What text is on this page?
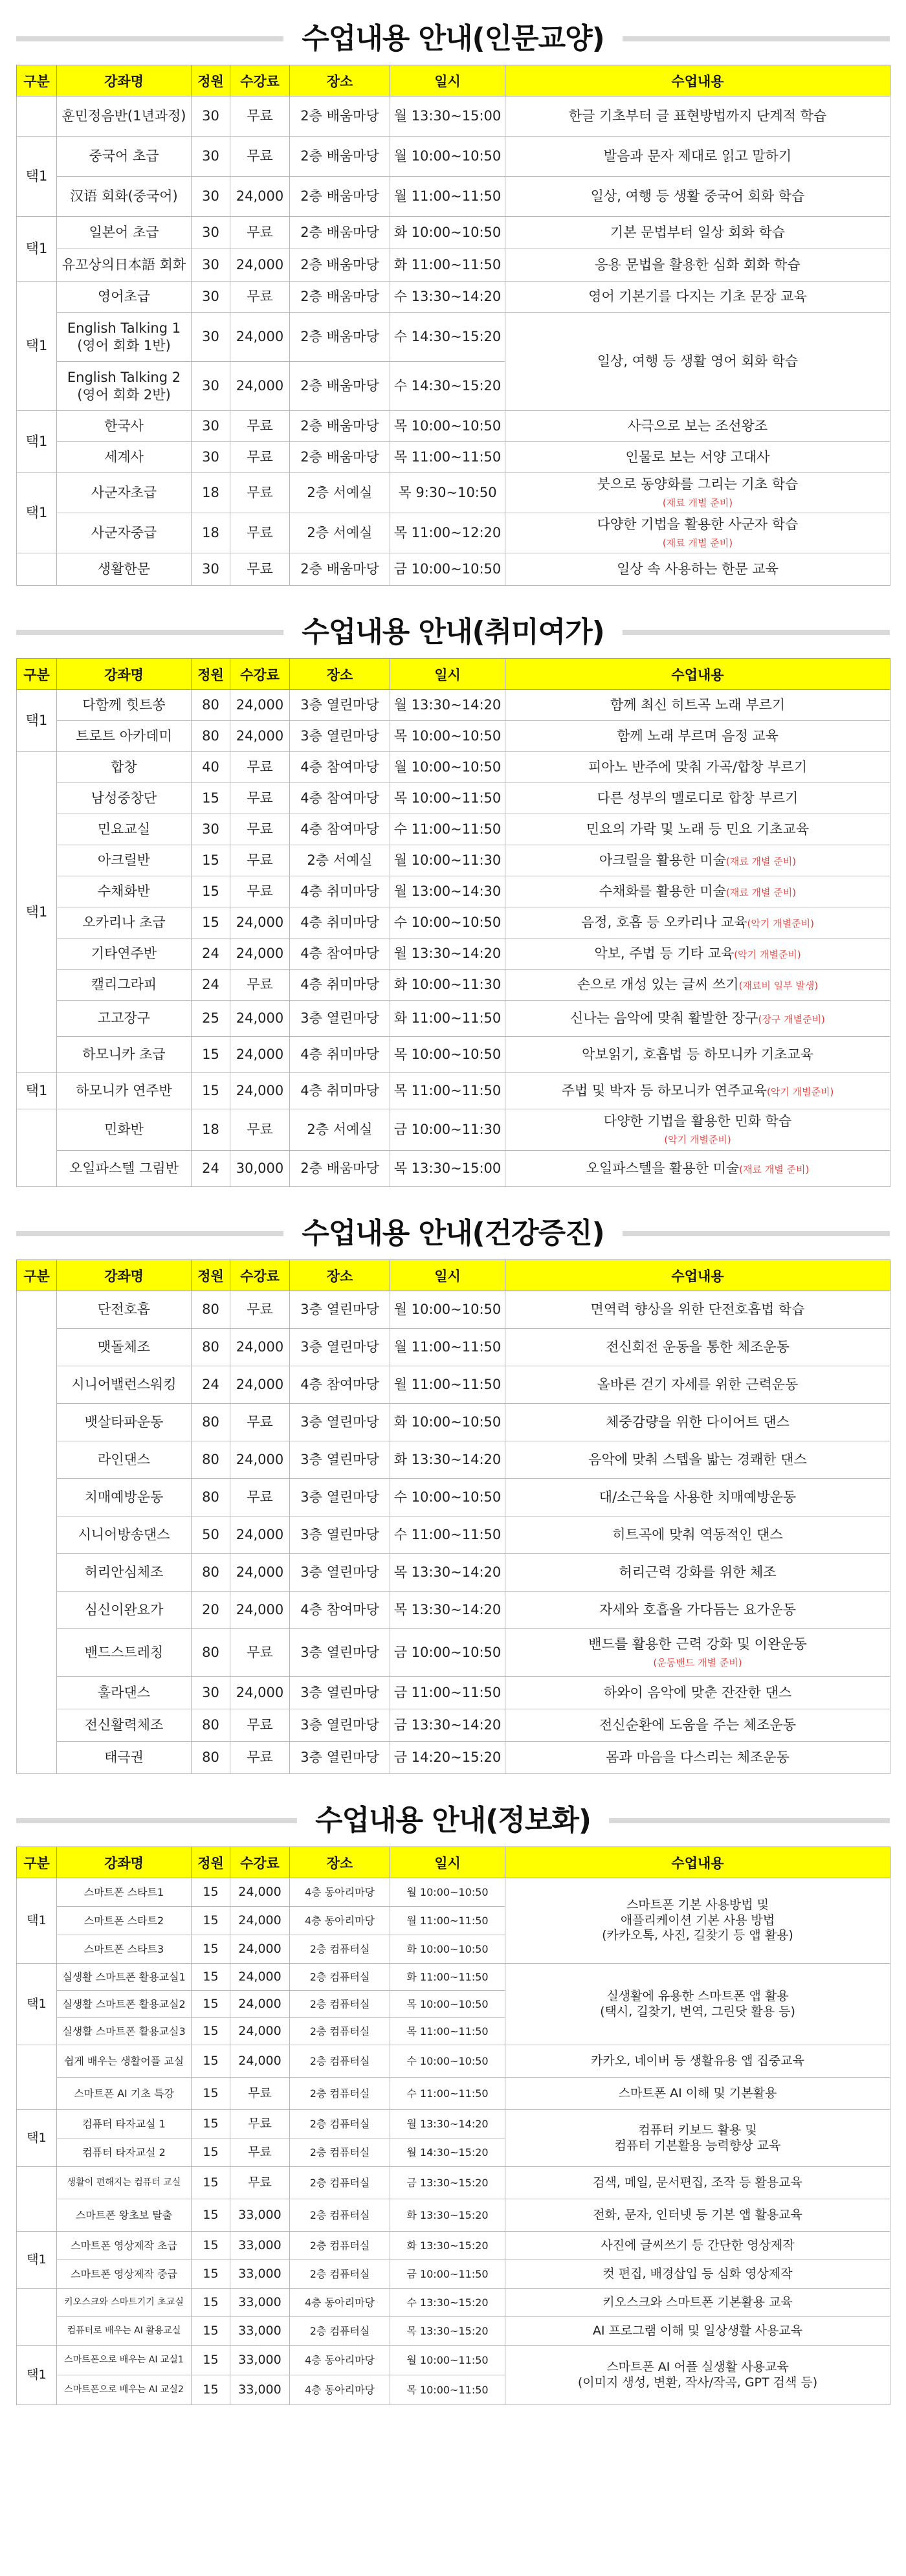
수업내용 안내(인문교양)
구분	강좌명	정원	수강료	장소	일시	수업내용
	훈민정음반(1년과정)	30	무료	2층 배움마당	월 13:30~15:00	한글 기초부터 글 표현방법까지 단계적 학습
택1	중국어 초급	30	무료	2층 배움마당	월 10:00~10:50	발음과 문자 제대로 읽고 말하기
	汉语 회화(중국어)	30	24,000	2층 배움마당	월 11:00~11:50	일상, 여행 등 생활 중국어 회화 학습
택1	일본어 초급	30	무료	2층 배움마당	화 10:00~10:50	기본 문법부터 일상 회화 학습
	유꼬상의日本語 회화	30	24,000	2층 배움마당	화 11:00~11:50	응용 문법을 활용한 심화 회화 학습
택1	영어초급	30	무료	2층 배움마당	수 13:30~14:20	영어 기본기를 다지는 기초 문장 교육
	English Talking 1
(영어 회화 1반)	30	24,000	2층 배움마당	수 14:30~15:20	일상, 여행 등 생활 영어 회화 학습
	English Talking 2
(영어 회화 2반)	30	24,000	2층 배움마당	수 14:30~15:20	
택1	한국사	30	무료	2층 배움마당	목 10:00~10:50	사극으로 보는 조선왕조
	세계사	30	무료	2층 배움마당	목 11:00~11:50	인물로 보는 서양 고대사
택1	사군자초급	18	무료	2층 서예실	목 9:30~10:50	붓으로 동양화를 그리는 기초 학습
(재료 개별 준비)
	사군자중급	18	무료	2층 서예실	목 11:00~12:20	다양한 기법을 활용한 사군자 학습
(재료 개별 준비)
	생활한문	30	무료	2층 배움마당	금 10:00~10:50	일상 속 사용하는 한문 교육
수업내용 안내(취미여가)
구분	강좌명	정원	수강료	장소	일시	수업내용
택1	다함께 힛트쏭	80	24,000	3층 열린마당	월 13:30~14:20	함께 최신 히트곡 노래 부르기
	트로트 아카데미	80	24,000	3층 열린마당	목 10:00~10:50	함께 노래 부르며 음정 교육
택1	합창	40	무료	4층 참여마당	월 10:00~10:50	피아노 반주에 맞춰 가곡/합창 부르기
	남성중창단	15	무료	4층 참여마당	목 10:00~11:50	다른 성부의 멜로디로 합창 부르기
	민요교실	30	무료	4층 참여마당	수 11:00~11:50	민요의 가락 및 노래 등 민요 기초교육
	아크릴반	15	무료	2층 서예실	월 10:00~11:30	아크릴을 활용한 미술(재료 개별 준비)
	수채화반	15	무료	4층 취미마당	월 13:00~14:30	수채화를 활용한 미술(재료 개별 준비)
	오카리나 초급	15	24,000	4층 취미마당	수 10:00~10:50	음정, 호흡 등 오카리나 교육(악기 개별준비)
	기타연주반	24	24,000	4층 참여마당	월 13:30~14:20	악보, 주법 등 기타 교육(악기 개별준비)
	캘리그라피	24	무료	4층 취미마당	화 10:00~11:30	손으로 개성 있는 글씨 쓰기(재료비 일부 발생)
	고고장구	25	24,000	3층 열린마당	화 11:00~11:50	신나는 음악에 맞춰 활발한 장구(장구 개별준비)
	하모니카 초급	15	24,000	4층 취미마당	목 10:00~10:50	악보읽기, 호흡법 등 하모니카 기초교육
택1	하모니카 연주반	15	24,000	4층 취미마당	목 11:00~11:50	주법 및 박자 등 하모니카 연주교육(악기 개별준비)
	민화반	18	무료	2층 서예실	금 10:00~11:30	다양한 기법을 활용한 민화 학습
(악기 개별준비)
	오일파스텔 그림반	24	30,000	2층 배움마당	목 13:30~15:00	오일파스텔을 활용한 미술(재료 개별 준비)
수업내용 안내(건강증진)
구분	강좌명	정원	수강료	장소	일시	수업내용
	단전호흡	80	무료	3층 열린마당	월 10:00~10:50	면역력 향상을 위한 단전호흡법 학습
	맷돌체조	80	24,000	3층 열린마당	월 11:00~11:50	전신회전 운동을 통한 체조운동
	시니어밸런스워킹	24	24,000	4층 참여마당	월 11:00~11:50	올바른 걷기 자세를 위한 근력운동
	뱃살타파운동	80	무료	3층 열린마당	화 10:00~10:50	체중감량을 위한 다이어트 댄스
	라인댄스	80	24,000	3층 열린마당	화 13:30~14:20	음악에 맞춰 스텝을 밟는 경쾌한 댄스
	치매예방운동	80	무료	3층 열린마당	수 10:00~10:50	대/소근육을 사용한 치매예방운동
	시니어방송댄스	50	24,000	3층 열린마당	수 11:00~11:50	히트곡에 맞춰 역동적인 댄스
	허리안심체조	80	24,000	3층 열린마당	목 13:30~14:20	허리근력 강화를 위한 체조
	심신이완요가	20	24,000	4층 참여마당	목 13:30~14:20	자세와 호흡을 가다듬는 요가운동
	밴드스트레칭	80	무료	3층 열린마당	금 10:00~10:50	밴드를 활용한 근력 강화 및 이완운동
(운동밴드 개별 준비)
	훌라댄스	30	24,000	3층 열린마당	금 11:00~11:50	하와이 음악에 맞춘 잔잔한 댄스
	전신활력체조	80	무료	3층 열린마당	금 13:30~14:20	전신순환에 도움을 주는 체조운동
	태극권	80	무료	3층 열린마당	금 14:20~15:20	몸과 마음을 다스리는 체조운동
수업내용 안내(정보화)
구분	강좌명	정원	수강료	장소	일시	수업내용
택1	스마트폰 스타트1	15	24,000	4층 동아리마당	월 10:00~10:50	스마트폰 기본 사용방법 및
애플리케이션 기본 사용 방법
(카카오톡, 사진, 길찾기 등 앱 활용)
	스마트폰 스타트2	15	24,000	4층 동아리마당	월 11:00~11:50	
	스마트폰 스타트3	15	24,000	2층 컴퓨터실	화 10:00~10:50	
택1	실생활 스마트폰 활용교실1	15	24,000	2층 컴퓨터실	화 11:00~11:50	실생활에 유용한 스마트폰 앱 활용
(택시, 길찾기, 번역, 그린닷 활용 등)
	실생활 스마트폰 활용교실2	15	24,000	2층 컴퓨터실	목 10:00~10:50	
	실생활 스마트폰 활용교실3	15	24,000	2층 컴퓨터실	목 11:00~11:50	
	쉽게 배우는 생활어플 교실	15	24,000	2층 컴퓨터실	수 10:00~10:50	카카오, 네이버 등 생활유용 앱 집중교육
	스마트폰 AI 기초 특강	15	무료	2층 컴퓨터실	수 11:00~11:50	스마트폰 AI 이해 및 기본활용
택1	컴퓨터 타자교실 1	15	무료	2층 컴퓨터실	월 13:30~14:20	컴퓨터 키보드 활용 및
컴퓨터 기본활용 능력향상 교육
	컴퓨터 타자교실 2	15	무료	2층 컴퓨터실	월 14:30~15:20	
	생활이 편해지는 컴퓨터 교실	15	무료	2층 컴퓨터실	금 13:30~15:20	검색, 메일, 문서편집, 조작 등 활용교육
	스마트폰 왕초보 탈출	15	33,000	2층 컴퓨터실	화 13:30~15:20	전화, 문자, 인터넷 등 기본 앱 활용교육
택1	스마트폰 영상제작 초급	15	33,000	2층 컴퓨터실	화 13:30~15:20	사진에 글씨쓰기 등 간단한 영상제작
	스마트폰 영상제작 중급	15	33,000	2층 컴퓨터실	금 10:00~11:50	컷 편집, 배경삽입 등 심화 영상제작
	키오스크와 스마트기기 초교실	15	33,000	4층 동아리마당	수 13:30~15:20	키오스크와 스마트폰 기본활용 교육
	컴퓨터로 배우는 AI 활용교실	15	33,000	2층 컴퓨터실	목 13:30~15:20	AI 프로그램 이해 및 일상생활 사용교육
택1	스마트폰으로 배우는 AI 교실1	15	33,000	4층 동아리마당	월 10:00~11:50	스마트폰 AI 어플 실생활 사용교육
(이미지 생성, 변환, 작사/작곡, GPT 검색 등)
	스마트폰으로 배우는 AI 교실2	15	33,000	4층 동아리마당	목 10:00~11:50	
